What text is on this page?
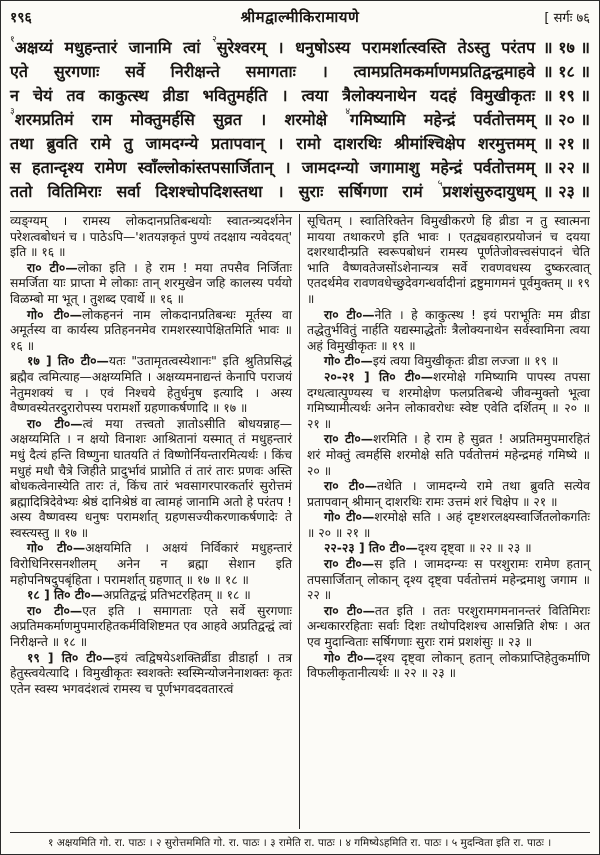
१९६	श्रीमद्वाल्मीकिरामायणे	[ सर्गः ७६
$^१$अक्षय्यं मधुहन्तारं जानामि त्वां $^२$सुरेश्वरम् । धनुषोऽस्य परामर्शात्स्वस्ति तेऽस्तु परंतप ॥ १७ ॥
एते सुरगणाः सर्वे निरीक्षन्ते समागताः । त्वामप्रतिमकर्माणमप्रतिद्वन्द्वमाहवे ॥ १८ ॥
न चेयं तव काकुत्स्थ व्रीडा भवितुमर्हति । त्वया त्रैलोक्यनाथेन यदहं विमुखीकृतः ॥ १९ ॥
$^३$शरमप्रतिमं राम मोक्तुमर्हसि सुव्रत । शरमोक्षे $^४$गमिष्यामि महेन्द्रं पर्वतोत्तमम् ॥ २० ॥
तथा ब्रुवति रामे तु जामदग्न्ये प्रतापवान् । रामो दाशरथिः श्रीमांश्चिक्षेप शरमुत्तमम् ॥ २१ ॥
स हतान्दृश्य रामेण स्वाँल्लोकांस्तपसार्जितान् । जामदग्न्यो जगामाशु महेन्द्रं पर्वतोत्तमम् ॥ २२ ॥
ततो वितिमिराः सर्वा दिशश्चोपदिशस्तथा । सुराः सर्षिगणा रामं $^५$प्रशशंसुरुदायुधम् ॥ २३ ॥

व्यङ्ग्यम् । रामस्य लोकदानप्रतिबन्धयोः स्वातन्त्र्यदर्शनेन परेशत्वबोधनं च । पाठेऽपि—'शतयज्ञकृतं पुण्यं तदक्षाय न्यवेदयत्' इति ॥ १६ ॥

रा० टी०—लोका इति । हे राम ! मया तपसैव निर्जिताः समर्जिता याः प्राप्ता मे लोकाः तान् शरमुखेन जहि कालस्य पर्ययो विळम्बो मा भूत् । तुशब्द एवार्थे ॥ १६ ॥

गो० टी०—लोकहननं नाम लोकदानप्रतिबन्धः मूर्तस्य वा अमूर्तस्य वा कार्यस्य प्रतिहननमेव रामशरस्यापेक्षितमिति भावः ॥ १६ ॥

१७ ] ति० टी०—यतः "उतामृतत्वस्येशानः" इति श्रुतिप्रसिद्धं ब्रह्मैव त्वमित्याह—अक्षय्यमिति । अक्षय्यमनाद्यन्तं केनापि पराजयं नेतुमशक्यं च । एवं निश्चये हेतुर्धनुष इत्यादि । अस्य वैष्णवस्येतरदुरारोपस्य परामर्शो ग्रहणाकर्षणादि ॥ १७ ॥

रा० टी०—त्वं मया तत्त्वतो ज्ञातोऽसीति बोधयन्नाह—अक्षय्यमिति । न क्षयो विनाशः आश्रितानां यस्मात् तं मधुहन्तारं मधुं दैत्यं हन्ति विष्णुना घातयति तं विष्णोर्नियन्तारमित्यर्थः । किंच मधुहं मधौ चैत्रे जिहीते प्रादुर्भावं प्राप्नोति तं तारं तारः प्रणवः अस्ति बोधकत्वेनास्येति तारः तं, किंच तारं भवसागरपारकर्तारं सुरोत्तमं ब्रह्मादित्रिदेवेभ्यः श्रेष्ठं दानिश्रेष्ठं वा त्वामहं जानामि अतो हे परंतप ! अस्य वैष्णवस्य धनुषः परामर्शात् ग्रहणसज्यीकरणाकर्षणादेः ते स्वस्त्यस्तु ॥ १७ ॥

गो० टी०—अक्षयमिति । अक्षयं निर्विकारं मधुहन्तारं विरोधिनिरसनशीलम् अनेन न ब्रह्मा सेशान इति महोपनिषदुपबृंहिता । परामर्शात् ग्रहणात् ॥ १७ ॥ १८ ॥

१८ ] ति० टी०—अप्रतिद्वन्द्वं प्रतिभटरहितम् ॥ १८ ॥

रा० टी०—एत इति । समागताः एते सर्वे सुरगणाः अप्रतिमकर्माणमुपमारहितकर्मविशिष्टमत एव आहवे अप्रतिद्वन्द्वं त्वां निरीक्षन्ते ॥ १८ ॥

१९ ] ति० टी०—इयं त्वद्विषयेऽशक्तिर्व्रीडा व्रीडार्हा । तत्र हेतुस्त्वयेत्यादि । विमुखीकृतः स्वशक्तेः स्वस्मिन्योजनेनाशक्तः कृतः एतेन स्वस्य भगवदंशत्वं रामस्य च पूर्णभगवदवतारत्वं

सूचितम् । स्वातिरिक्तेन विमुखीकरणे हि व्रीडा न तु स्वात्मना मायया तथाकरणे इति भावः । एतद्व्यवहारप्रयोजनं च दयया दशरथादीन्प्रति स्वरूपबोधनं रामस्य पूर्णतेजोवत्त्वसंपादनं चेति भाति वैष्णवतेजसोंऽशेनान्यत्र सर्वे रावणवधस्य दुष्करत्वात् एतदर्थमेव रावणवधेच्छुदेवगन्धर्वादीनां द्रष्टुमागमनं पूर्वमुक्तम् ॥ १९ ॥

रा० टी०—नेति । हे काकुत्स्थ ! इयं पराभूतिः मम व्रीडा तद्धेतुर्भवितुं नार्हति यद्यस्माद्धेतोः त्रैलोक्यनाथेन सर्वस्वामिना त्वया अहं विमुखीकृतः ॥ १९ ॥

गो० टी०—इयं त्वया विमुखीकृतः व्रीडा लज्जा ॥ १९ ॥

२०-२१ ] ति० टी०—शरमोक्षे गमिष्यामि पापस्य तपसा दग्धत्वात्पुण्यस्य च शरमोक्षेण फलप्रतिबन्धे जीवन्मुक्तो भूत्वा गमिष्यामीत्यर्थः अनेन लोकावरोधः स्वेष्ट एवेति दर्शितम् ॥ २० ॥ २१ ॥

रा० टी०—शरमिति । हे राम हे सुव्रत ! अप्रतिममुपमारहितं शरं मोक्तुं त्वमर्हसि शरमोक्षे सति पर्वतोत्तमं महेन्द्रमहं गमिष्ये ॥ २० ॥

रा० टी०—तथेति । जामदग्न्ये रामे तथा ब्रुवति सत्येव प्रतापवान् श्रीमान् दाशरथिः रामः उत्तमं शरं चिक्षेप ॥ २१ ॥

गो० टी०—शरमोक्षे सति । अहं दृष्टशरलक्ष्यस्वार्जितलोकगतिः ॥ २० ॥ २१ ॥

२२-२३ ] ति० टी०—दृश्य दृष्ट्वा ॥ २२ ॥ २३ ॥

रा० टी०—स इति । जामदग्न्यः स परशुरामः रामेण हतान् तपसार्जितान् लोकान् दृश्य दृष्ट्वा पर्वतोत्तमं महेन्द्रमाशु जगाम ॥ २२ ॥

रा० टी०—तत इति । ततः परशुरामगमनानन्तरं वितिमिराः अन्धकाररहिताः सर्वाः दिशः तथोपदिशश्च आसन्निति शेषः । अत एव मुदान्विताः सर्षिगणाः सुराः रामं प्रशशंसुः ॥ २३ ॥

गो० टी०—दृश्य दृष्ट्वा लोकान् हतान् लोकप्राप्तिहेतुकर्माणि विफलीकृतानीत्यर्थः ॥ २२ ॥ २३ ॥

१ अक्षयमिति गो. रा. पाठः । २ सुरोत्तममिति गो. रा. पाठः । ३ रामेति रा. पाठः । ४ गमिष्येऽहमिति रा. पाठः । ५ मुदन्विता इति रा. पाठः ।
